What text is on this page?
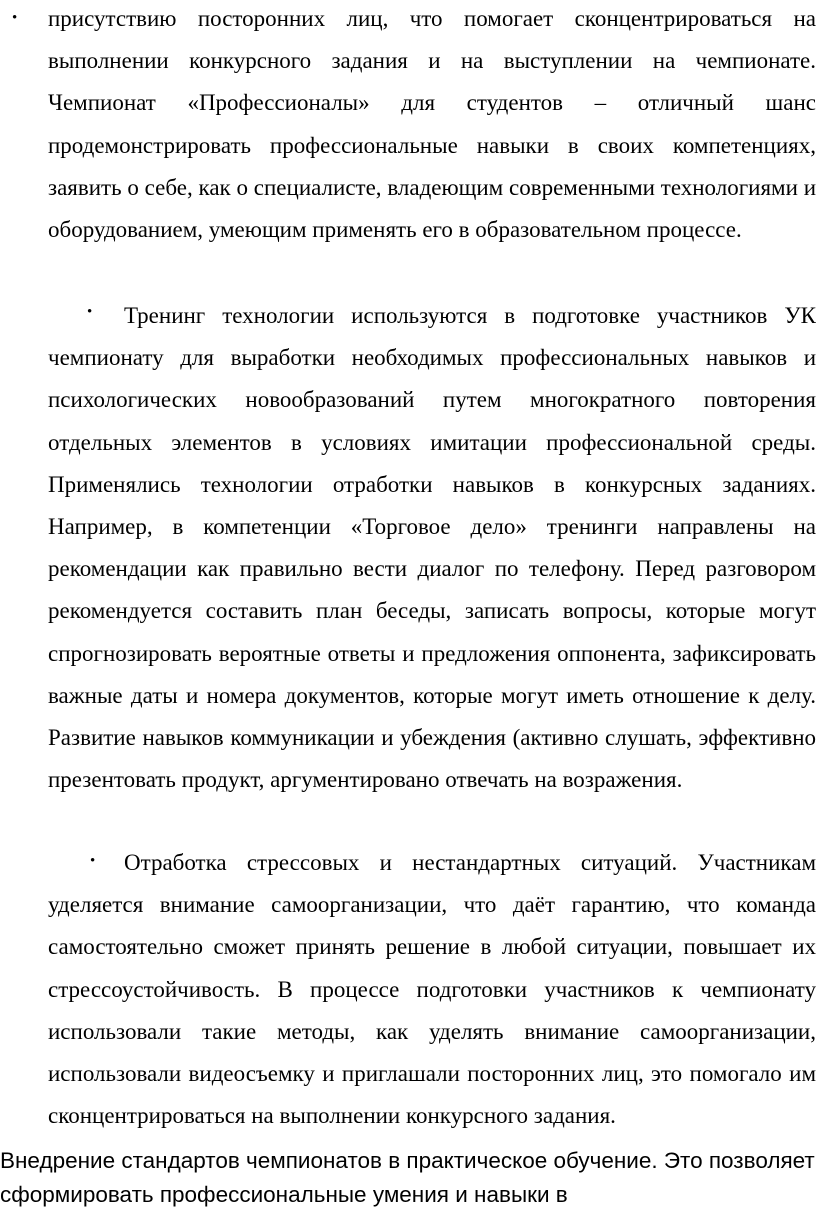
• присутствию посторонних лиц, что помогает сконцентрироваться на выполнении конкурсного задания и на выступлении на чемпионате. Чемпионат «Профессионалы» для студентов – отличный шанс продемонстрировать профессиональные навыки в своих компетенциях, заявить о себе, как о специалисте, владеющим современными технологиями и оборудованием, умеющим применять его в образовательном процессе.

•	Тренинг технологии используются в подготовке участников УК чемпионату для выработки необходимых профессиональных навыков и психологических новообразований путем многократного повторения отдельных элементов в условиях имитации профессиональной среды. Применялись технологии отработки навыков в конкурсных заданиях. Например, в компетенции «Торговое дело» тренинги направлены на рекомендации как правильно вести диалог по телефону. Перед разговором рекомендуется составить план беседы, записать вопросы, которые могут спрогнозировать вероятные ответы и предложения оппонента, зафиксировать важные даты и номера документов, которые могут иметь отношение к делу. Развитие навыков коммуникации и убеждения (активно слушать, эффективно презентовать продукт, аргументировано отвечать на возражения.

•	Отработка стрессовых и нестандартных ситуаций. Участникам уделяется внимание самоорганизации, что даёт гарантию, что команда самостоятельно сможет принять решение в любой ситуации, повышает их стрессоустойчивость. В процессе подготовки участников к чемпионату использовали такие методы, как уделять внимание самоорганизации, использовали видеосъемку и приглашали посторонних лиц, это помогало им сконцентрироваться на выполнении конкурсного задания.

Внедрение стандартов чемпионатов в практическое обучение. Это позволяет

сформировать профессиональные умения и навыки в
